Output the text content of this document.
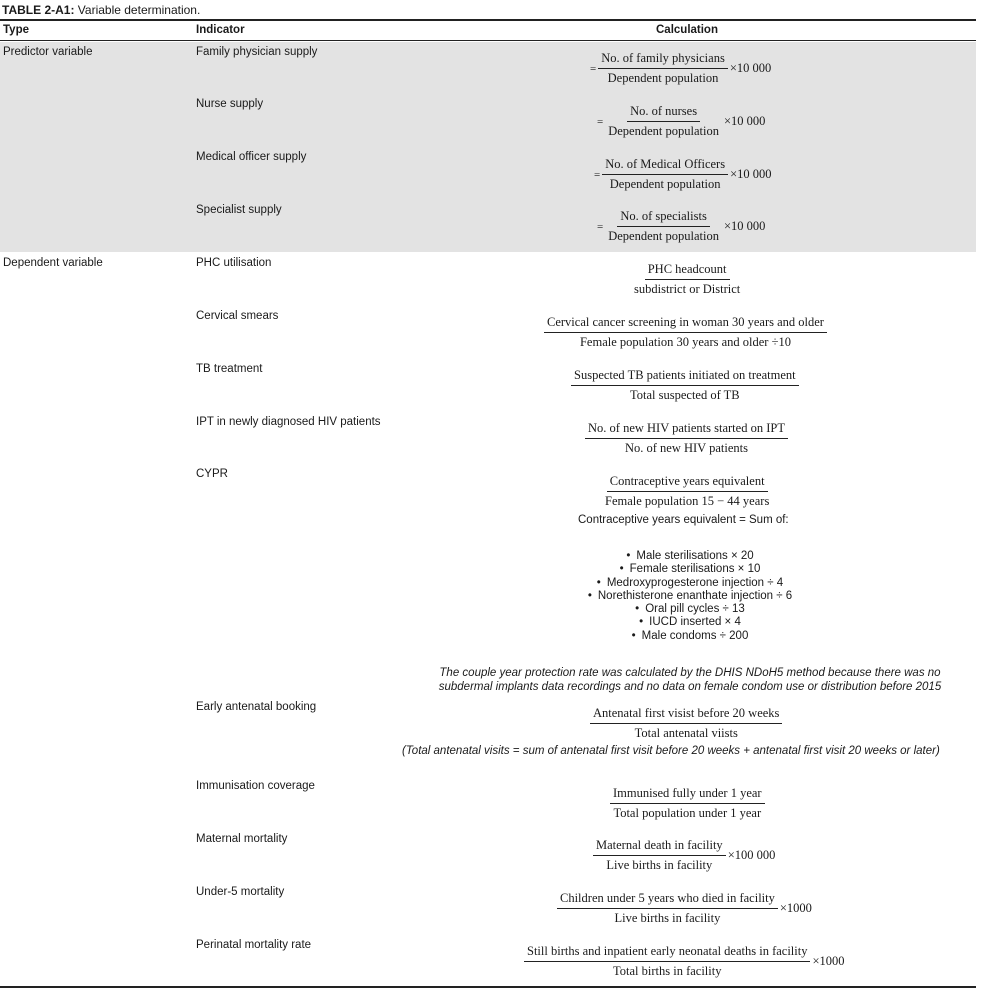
TABLE 2-A1: Variable determination.
Type	Indicator	Calculation
Predictor variable
Dependent variable
Family physician supply
Nurse supply
Medical officer supply
Specialist supply
PHC utilisation
Cervical smears
TB treatment
IPT in newly diagnosed HIV patients
CYPR
Early antenatal booking
Immunisation coverage
Maternal mortality
Under-5 mortality
Perinatal mortality rate
= $\frac{\text{No. of family physicians}}{\text{Dependent population}} \times 10$ 000
= $\frac{\text{No. of nurses}}{\text{Dependent population}} \times 10$ 000
= $\frac{\text{No. of Medical Officers}}{\text{Dependent population}} \times 10$ 000
= $\frac{\text{No. of specialists}}{\text{Dependent population}} \times 10$ 000
$\frac{\text{PHC headcount}}{\text{subdistrict or District}}$
$\frac{\text{Cervical cancer screening in woman 30 years and older}}{\text{Female population 30 years and older ÷10}}$
$\frac{\text{Suspected TB patients initiated on treatment}}{\text{Total suspected of TB}}$
$\frac{\text{No. of new HIV patients started on IPT}}{\text{No. of new HIV patients}}$
$\frac{\text{Contraceptive years equivalent}}{\text{Female population 15 − 44 years}}$
Contraceptive years equivalent = Sum of:
• Male sterilisations × 20
• Female sterilisations × 10
• Medroxyprogesterone injection ÷ 4
• Norethisterone enanthate injection ÷ 6
• Oral pill cycles ÷ 13
• IUCD inserted × 4
• Male condoms ÷ 200
The couple year protection rate was calculated by the DHIS NDoH5 method because there was no
subdermal implants data recordings and no data on female condom use or distribution before 2015
$\frac{\text{Antenatal first visist before 20 weeks}}{\text{Total antenatal viists}}$
(Total antenatal visits = sum of antenatal first visit before 20 weeks + antenatal first visit 20 weeks or later)
$\frac{\text{Immunised fully under 1 year}}{\text{Total population under 1 year}}$
$\frac{\text{Maternal death in facility}}{\text{Live births in facility}} \times 100$ 000
$\frac{\text{Children under 5 years who died in facility}}{\text{Live births in facility}} \times 1000$
$\frac{\text{Still births and inpatient early neonatal deaths in facility}}{\text{Total births in facility}} \times 1000$
